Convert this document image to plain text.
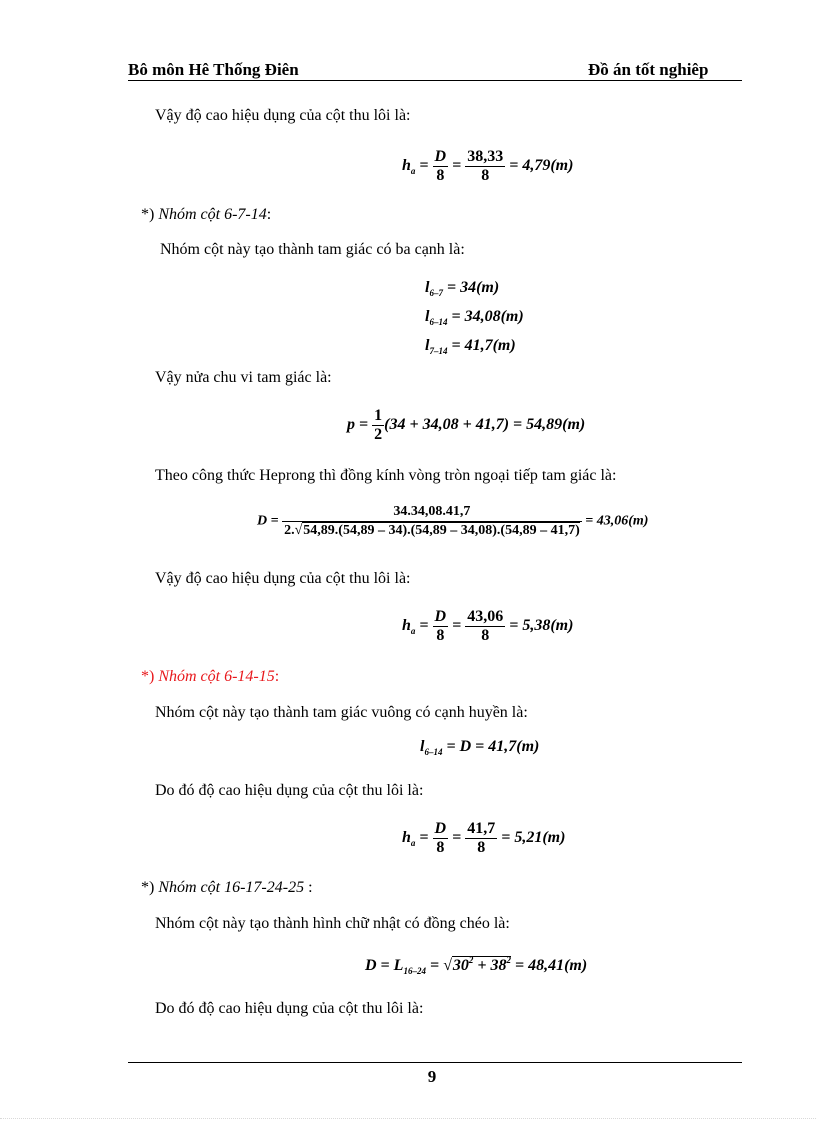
Bô môn Hê Thống Điên	Đồ án tốt nghiêp
Vậy độ cao hiệu dụng của cột thu lôi là:
$h_a = \frac{D}{8} = \frac{38,33}{8} = 4,79(m)$
*) Nhóm cột 6-7-14:
Nhóm cột này tạo thành tam giác có ba cạnh là:
$l_{6-7} = 34(m)$
$l_{6-14} = 34,08(m)$
$l_{7-14} = 41,7(m)$
Vậy nửa chu vi tam giác là:
$p = \frac{1}{2} (34 + 34,08 + 41,7) = 54,89(m)$
Theo công thức Heprong thì đồng kính vòng tròn ngoại tiếp tam giác là:
$D = \frac{34.34,08.41,7}{2.√54,89.(54,89 - 34).(54,89 - 34,08).(54,89 - 41,7)} = 43,06(m)$
Vậy độ cao hiệu dụng của cột thu lôi là:
$h_a = \frac{D}{8} = \frac{43,06}{8} = 5,38(m)$
*) Nhóm cột 6-14-15:
Nhóm cột này tạo thành tam giác vuông có cạnh huyền là:
$l_{6-14} = D = 41,7(m)$
Do đó độ cao hiệu dụng của cột thu lôi là:
$h_a = \frac{D}{8} = \frac{41,7}{8} = 5,21(m)$
*) Nhóm cột 16-17-24-25 :
Nhóm cột này tạo thành hình chữ nhật có đồng chéo là:
$D = L_{16-24} = √30^2 + 38^2 = 48,41(m)$
Do đó độ cao hiệu dụng của cột thu lôi là:
9
